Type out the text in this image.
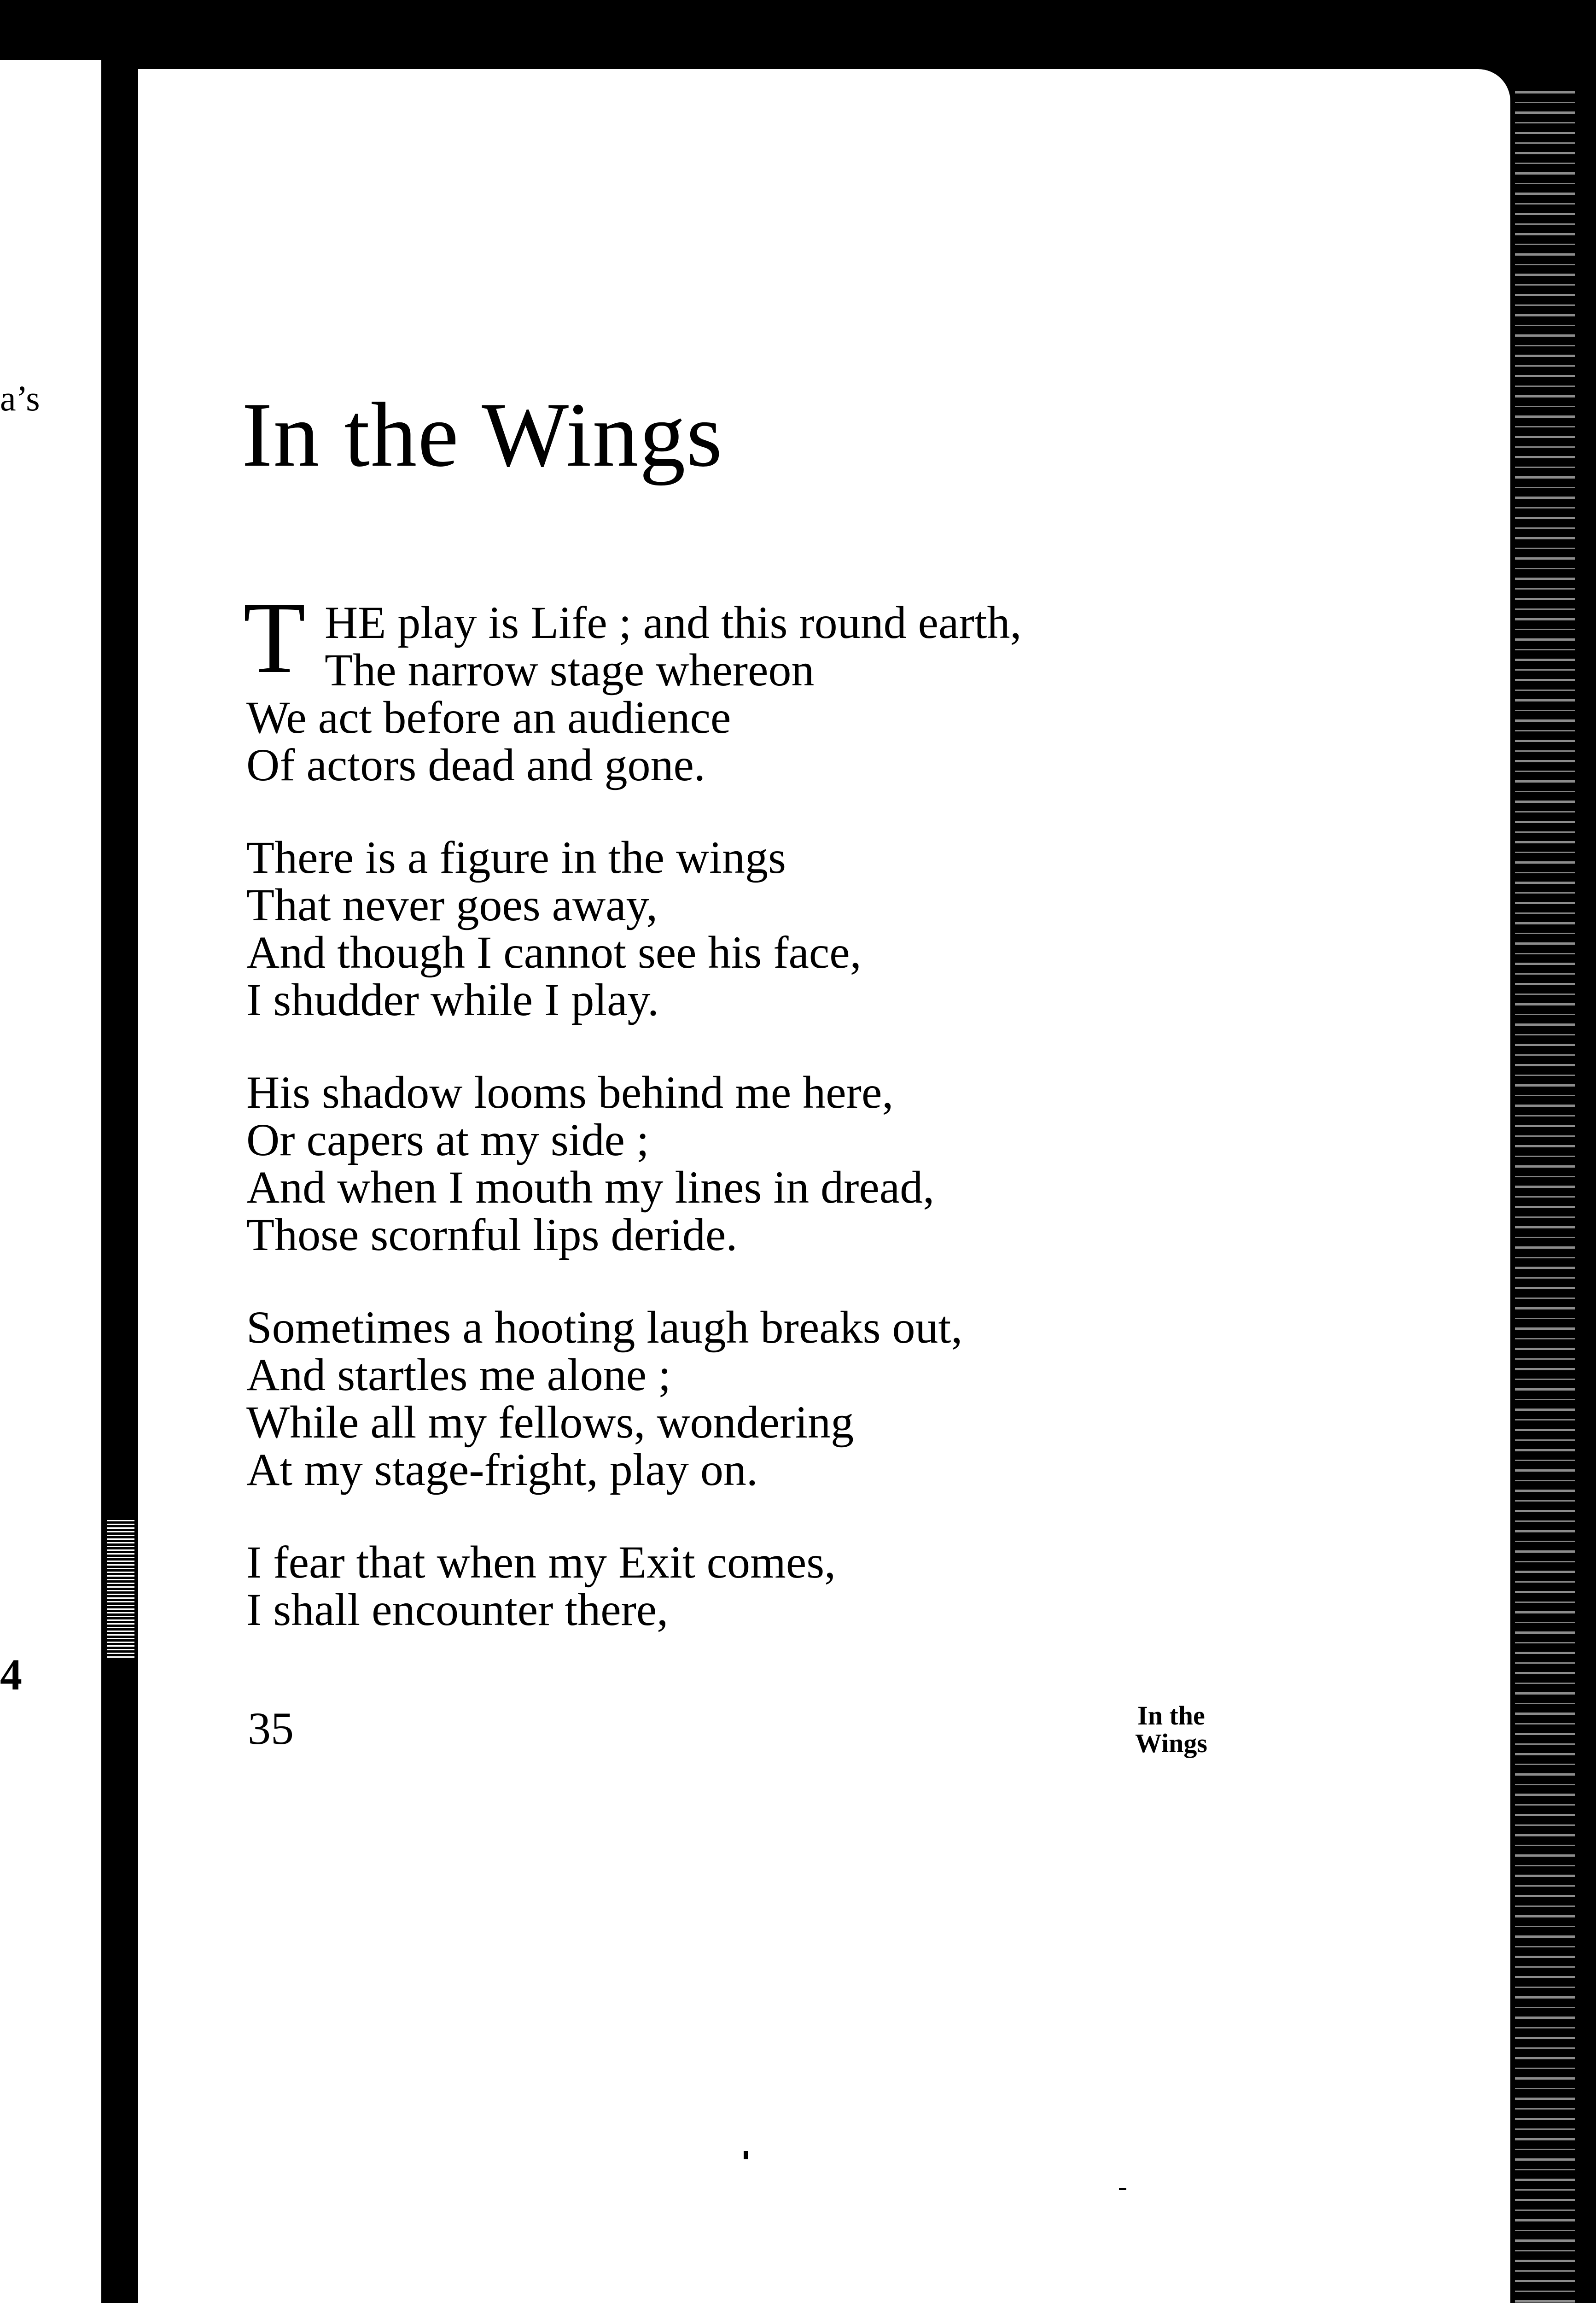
a’s
4
In the Wings
T HE play is Life ; and this round earth,
The narrow stage whereon
We act before an audience
Of actors dead and gone.
There is a figure in the wings
That never goes away,
And though I cannot see his face,
I shudder while I play.
His shadow looms behind me here,
Or capers at my side ;
And when I mouth my lines in dread,
Those scornful lips deride.
Sometimes a hooting laugh breaks out,
And startles me alone ;
While all my fellows, wondering
At my stage-fright, play on.
I fear that when my Exit comes,
I shall encounter there,
35	In the
Wings
